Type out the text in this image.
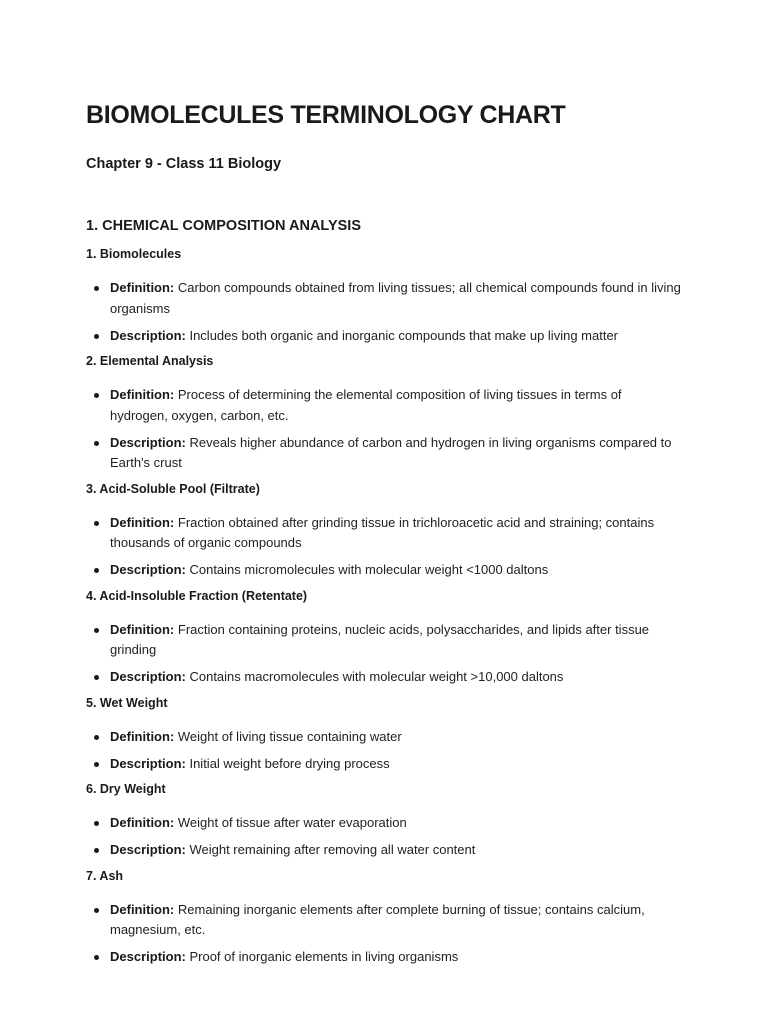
BIOMOLECULES TERMINOLOGY CHART
Chapter 9 - Class 11 Biology
1. CHEMICAL COMPOSITION ANALYSIS
1. Biomolecules
Definition: Carbon compounds obtained from living tissues; all chemical compounds found in living organisms
Description: Includes both organic and inorganic compounds that make up living matter
2. Elemental Analysis
Definition: Process of determining the elemental composition of living tissues in terms of hydrogen, oxygen, carbon, etc.
Description: Reveals higher abundance of carbon and hydrogen in living organisms compared to Earth's crust
3. Acid-Soluble Pool (Filtrate)
Definition: Fraction obtained after grinding tissue in trichloroacetic acid and straining; contains thousands of organic compounds
Description: Contains micromolecules with molecular weight <1000 daltons
4. Acid-Insoluble Fraction (Retentate)
Definition: Fraction containing proteins, nucleic acids, polysaccharides, and lipids after tissue grinding
Description: Contains macromolecules with molecular weight >10,000 daltons
5. Wet Weight
Definition: Weight of living tissue containing water
Description: Initial weight before drying process
6. Dry Weight
Definition: Weight of tissue after water evaporation
Description: Weight remaining after removing all water content
7. Ash
Definition: Remaining inorganic elements after complete burning of tissue; contains calcium, magnesium, etc.
Description: Proof of inorganic elements in living organisms
